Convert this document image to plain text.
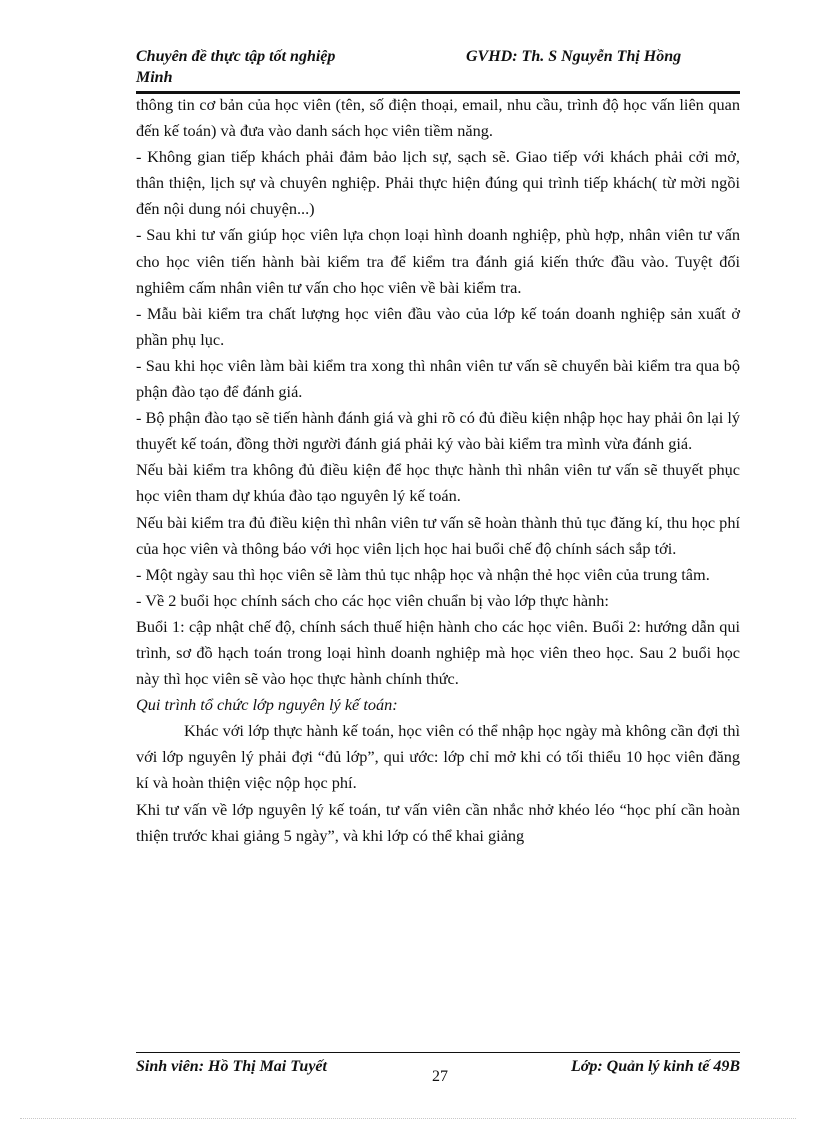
Chuyên đề thực tập tốt nghiệp	GVHD: Th. S Nguyễn Thị Hồng
Minh

thông tin cơ bản của học viên (tên, số điện thoại, email, nhu cầu, trình độ học vấn liên quan đến kế toán) và đưa vào danh sách học viên tiềm năng.

- Không gian tiếp khách phải đảm bảo lịch sự, sạch sẽ. Giao tiếp với khách phải cởi mở, thân thiện, lịch sự và chuyên nghiệp. Phải thực hiện đúng qui trình tiếp khách( từ mời ngồi đến nội dung nói chuyện...)

- Sau khi tư vấn giúp học viên lựa chọn loại hình doanh nghiệp, phù hợp, nhân viên tư vấn cho học viên tiến hành bài kiểm tra để kiểm tra đánh giá kiến thức đầu vào. Tuyệt đối nghiêm cấm nhân viên tư vấn cho học viên về bài kiểm tra.

- Mẫu bài kiểm tra chất lượng học viên đầu vào của lớp kế toán doanh nghiệp sản xuất ở phần phụ lục.

- Sau khi học viên làm bài kiểm tra xong thì nhân viên tư vấn sẽ chuyển bài kiểm tra qua bộ phận đào tạo để đánh giá.

- Bộ phận đào tạo sẽ tiến hành đánh giá và ghi rõ có đủ điều kiện nhập học hay phải ôn lại lý thuyết kế toán, đồng thời người đánh giá phải ký vào bài kiểm tra mình vừa đánh giá.

Nếu bài kiểm tra không đủ điều kiện để học thực hành thì nhân viên tư vấn sẽ thuyết phục học viên tham dự khúa đào tạo nguyên lý kế toán.

Nếu bài kiểm tra đủ điều kiện thì nhân viên tư vấn sẽ hoàn thành thủ tục đăng kí, thu học phí của học viên và thông báo với học viên lịch học hai buổi chế độ chính sách sắp tới.

- Một ngày sau thì học viên sẽ làm thủ tục nhập học và nhận thẻ học viên của trung tâm.

- Về 2 buổi học chính sách cho các học viên chuẩn bị vào lớp thực hành:

Buổi 1: cập nhật chế độ, chính sách thuế hiện hành cho các học viên. Buổi 2: hướng dẫn qui trình, sơ đồ hạch toán trong loại hình doanh nghiệp mà học viên theo học. Sau 2 buổi học này thì học viên sẽ vào học thực hành chính thức.

Qui trình tổ chức lớp nguyên lý kế toán:

Khác với lớp thực hành kế toán, học viên có thể nhập học ngày mà không cần đợi thì với lớp nguyên lý phải đợi “đủ lớp”, qui ước: lớp chỉ mở khi có tối thiểu 10 học viên đăng kí và hoàn thiện việc nộp học phí.

Khi tư vấn về lớp nguyên lý kế toán, tư vấn viên cần nhắc nhở khéo léo “học phí cần hoàn thiện trước khai giảng 5 ngày”, và khi lớp có thể khai giảng

Sinh viên: Hồ Thị Mai Tuyết	Lớp: Quản lý kinh tế 49B
27
